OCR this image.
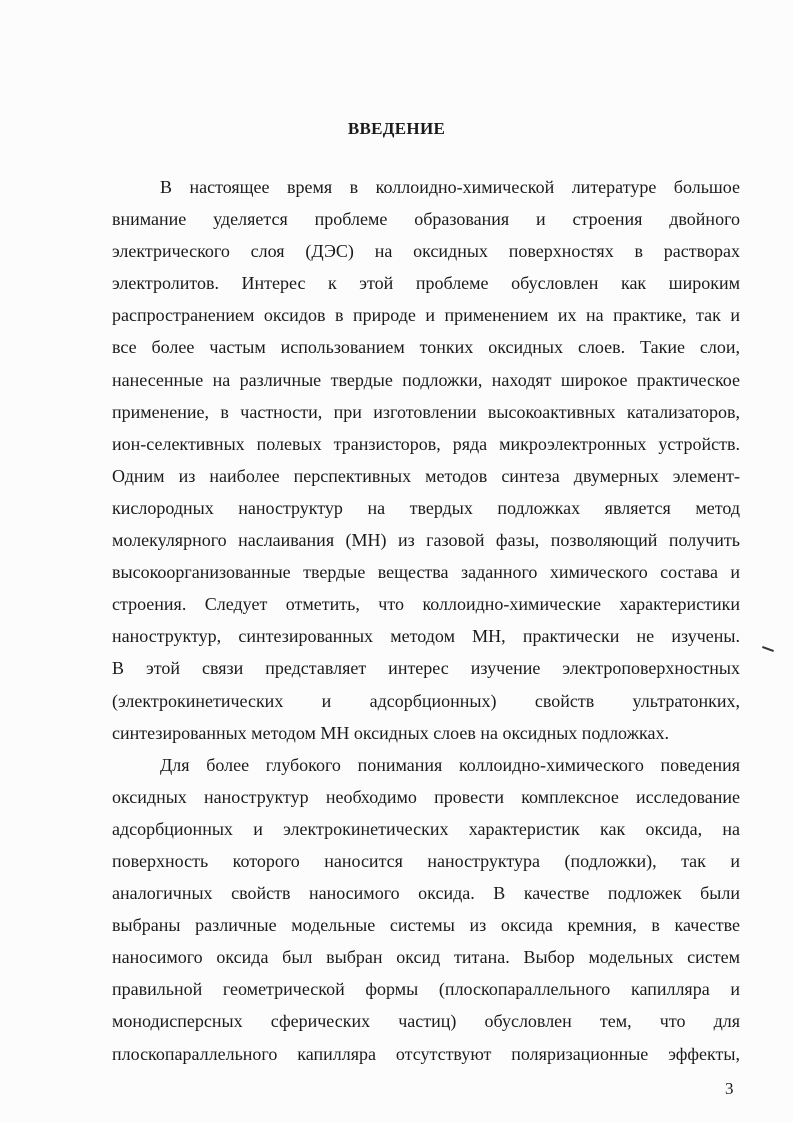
ВВЕДЕНИЕ
В настоящее время в коллоидно-химической литературе большое
внимание уделяется проблеме образования и строения двойного
электрического слоя (ДЭС) на оксидных поверхностях в растворах
электролитов. Интерес к этой проблеме обусловлен как широким
распространением оксидов в природе и применением их на практике, так и
все более частым использованием тонких оксидных слоев. Такие слои,
нанесенные на различные твердые подложки, находят широкое практическое
применение, в частности, при изготовлении высокоактивных катализаторов,
ион-селективных полевых транзисторов, ряда микроэлектронных устройств.
Одним из наиболее перспективных методов синтеза двумерных элемент-
кислородных наноструктур на твердых подложках является метод
молекулярного наслаивания (МН) из газовой фазы, позволяющий получить
высокоорганизованные твердые вещества заданного химического состава и
строения. Следует отметить, что коллоидно-химические характеристики
наноструктур, синтезированных методом МН, практически не изучены.
В этой связи представляет интерес изучение электроповерхностных
(электрокинетических и адсорбционных) свойств ультратонких,
синтезированных методом МН оксидных слоев на оксидных подложках.
Для более глубокого понимания коллоидно-химического поведения
оксидных наноструктур необходимо провести комплексное исследование
адсорбционных и электрокинетических характеристик как оксида, на
поверхность которого наносится наноструктура (подложки), так и
аналогичных свойств наносимого оксида. В качестве подложек были
выбраны различные модельные системы из оксида кремния, в качестве
наносимого оксида был выбран оксид титана. Выбор модельных систем
правильной геометрической формы (плоскопараллельного капилляра и
монодисперсных сферических частиц) обусловлен тем, что для
плоскопараллельного капилляра отсутствуют поляризационные эффекты,
3
